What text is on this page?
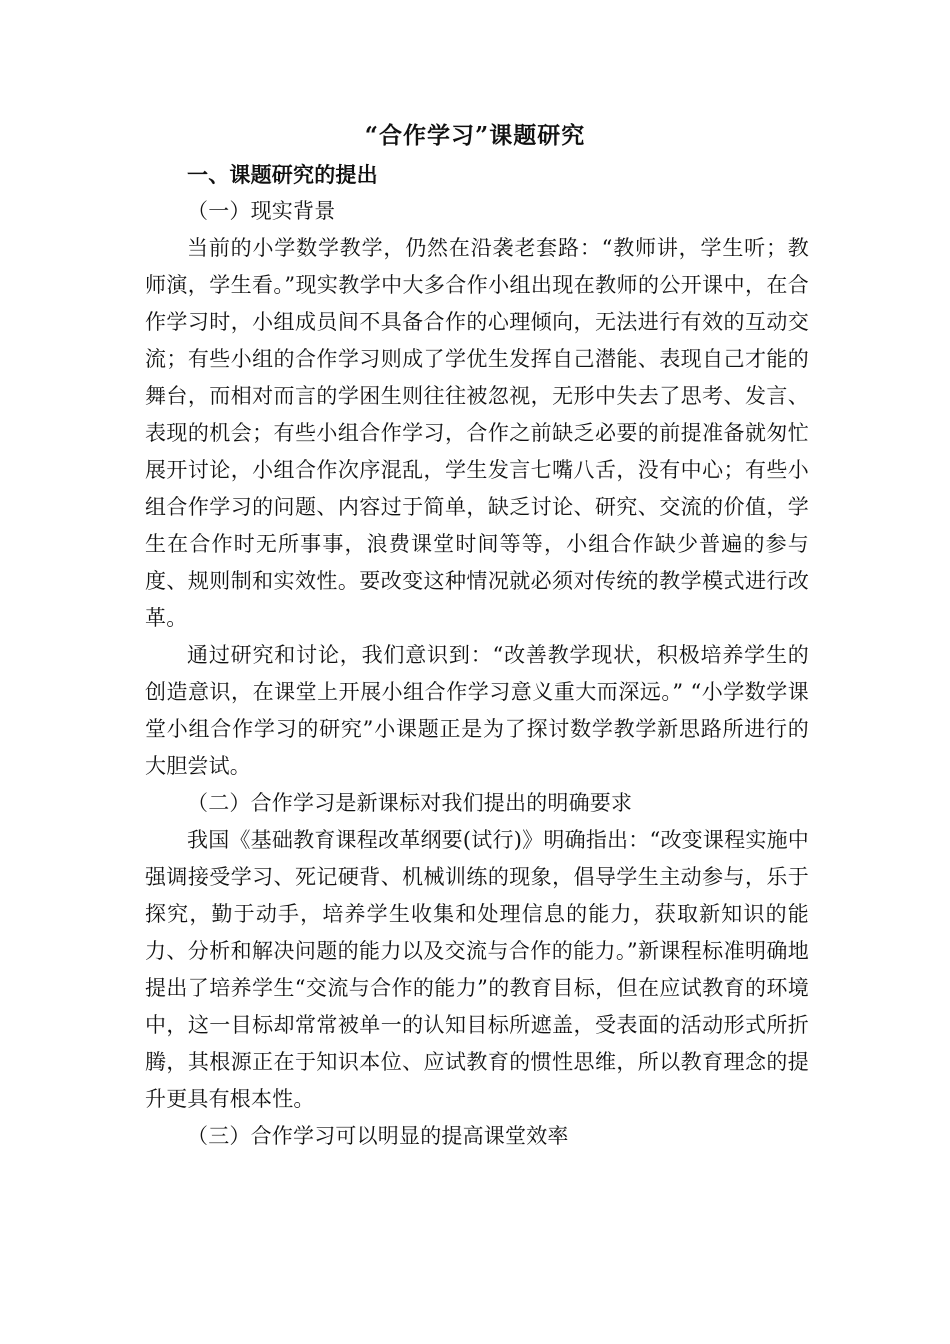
“合作学习”课题研究

一、课题研究的提出

（一）现实背景

当前的小学数学教学，仍然在沿袭老套路：“教师讲，学生听；教师演，学生看。”现实教学中大多合作小组出现在教师的公开课中，在合作学习时，小组成员间不具备合作的心理倾向，无法进行有效的互动交流；有些小组的合作学习则成了学优生发挥自己潜能、表现自己才能的舞台，而相对而言的学困生则往往被忽视，无形中失去了思考、发言、表现的机会；有些小组合作学习，合作之前缺乏必要的前提准备就匆忙展开讨论，小组合作次序混乱，学生发言七嘴八舌，没有中心；有些小组合作学习的问题、内容过于简单，缺乏讨论、研究、交流的价值，学生在合作时无所事事，浪费课堂时间等等，小组合作缺少普遍的参与度、规则制和实效性。要改变这种情况就必须对传统的教学模式进行改革。

通过研究和讨论，我们意识到：“改善教学现状，积极培养学生的创造意识，在课堂上开展小组合作学习意义重大而深远。” “小学数学课堂小组合作学习的研究”小课题正是为了探讨数学教学新思路所进行的大胆尝试。

（二）合作学习是新课标对我们提出的明确要求

我国《基础教育课程改革纲要(试行)》明确指出：“改变课程实施中强调接受学习、死记硬背、机械训练的现象，倡导学生主动参与，乐于探究，勤于动手，培养学生收集和处理信息的能力，获取新知识的能力、分析和解决问题的能力以及交流与合作的能力。”新课程标准明确地提出了培养学生“交流与合作的能力”的教育目标，但在应试教育的环境中，这一目标却常常被单一的认知目标所遮盖，受表面的活动形式所折腾，其根源正在于知识本位、应试教育的惯性思维，所以教育理念的提升更具有根本性。

（三）合作学习可以明显的提高课堂效率
